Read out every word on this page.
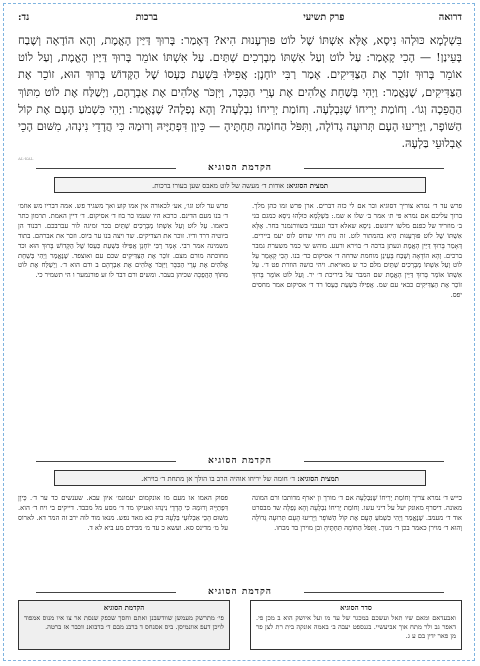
דרואה
פרק תשיעי                                            ברכות
נד:
בִּשְׁלָמָא כּוּלְהוּ נִיסָא, אֶלָּא אִשְׁתּוֹ שֶׁל לוֹט פּוּרְעָנוּת הִיא? דְּאָמַר: בָּרוּךְ דַּיַּין הָאֱמֶת, וְהָא הוֹדָאָה וְשֶׁבַח בָּעֵינַן! — הָכִי קָאָמַר: עַל לוֹט וְעַל אִשְׁתּוֹ מְבָרְכִים שְׁתַּיִם. עַל אִשְׁתּוֹ אוֹמֵר בָּרוּךְ דַּיַּין הָאֱמֶת, וְעַל לוֹט אוֹמֵר בָּרוּךְ זוֹכֵר אֶת הַצַּדִּיקִים. אָמַר רַבִּי יוֹחָנָן: אֲפִילּוּ בִּשְׁעַת כַּעְסוֹ שֶׁל הַקָּדוֹשׁ בָּרוּךְ הוּא, זוֹכֵר אֶת הַצַּדִּיקִים, שֶׁנֶּאֱמַר: וַיְהִי בְּשַׁחֵת אֱלֹהִים אֶת עָרֵי הַכִּכָּר, וַיִּזְכֹּר אֱלֹהִים אֶת אַבְרָהָם, וַיְשַׁלַּח אֶת לוֹט מִתּוֹךְ הַהֲפֵכָה וְגוֹ׳. וְחוֹמַת יְרִיחוֹ שֶׁנִּבְלְעָה. וְחוֹמַת יְרִיחוֹ נִבְלְעָה? וְהָא נְפַלָה? שֶׁנֶּאֱמַר: וַיְהִי כִּשְׁמֹעַ הָעָם אֶת קוֹל הַשּׁוֹפָר, וַיָּרִיעוּ הָעָם תְּרוּעָה גְדוֹלָה, וַתִּפֹּל הַחוֹמָה תַּחְתֶּיהָ — כֵּיוָן דִּפְתַיָּיהּ וְרוּמַהּ כִּי הֲדָדֵי נִינְהוּ, מִשּׁוּם הָכֵי אַבְלוּעֵי בַּלְעָהּ.
AL-KAL
הקדמת הסוגיא
תמצית הסוגיא: אודות ד׳ מעשה של לוט מאבס שען בעורו ברכות.
פרש עד ד׳ נמרא צוריך דסוגיא וכר אם לי כזה דברים. ארן פרש זמו כהן מלך. ברוך עליכם אם נמרא פי ת׳ אמר ב׳ שלו א שמ.: בִּשְׁלָמָא כּוּלְהוּ נִיסָא כמגם בני ב׳ מוזריד של כפנם מלשו ירוגשם. נִיסָא שאלא דבר ונעבני בשוורנמנר בחר. אֶלָּא אִשְׁתּוֹ שֶׁל לוֹט פּוּרְעָנוּת הִיא בהמתור לוט. זה נות ויחי שדוס לוס יעמ ביירים. דְּאָמַר בָּרוּךְ דַּיַּין הָאֱמֶת ונעתן ברכה ד׳ בוירא ורעע. מוהש שי כמר משערת גמבר ברכים. וְהָא הוֹדָאָה וְשֶׁבַח בָּעֵינַן מוחמת שדחה ד׳ אסיקום כד׳ בנו. הָכִי קָאָמַר עַל לוֹט וְעַל אִשְׁתּוֹ מְבָרְכִים שְׁתַּיִם מלם כר ש מאויאת. ויהי כושה הוזרת פט ד׳. עַל אִשְׁתּוֹ אוֹמֵר בָּרוּךְ דַּיַּין הָאֱמֶת שם המבר על ביריכת ד׳ יר. וְעַל לוֹט אוֹמֵר בָּרוּךְ זוֹכֵר אֶת הַצַּדִּיקִים כבאי עם שמ. אֲפִילּוּ בִּשְׁעַת כַּעְסוֹ רד ד׳ אסיקום אמר מחסים יפס.
פרש עד לוט וגו׳, אע׳ לכאורה אין אמו קוע ואך משגיד פש. אמה דבריו מש אוזמ׳ ד׳ בנו מעם הדינם. כרכא היו שעמו כר בוז ד׳ אסיקום. ד׳ דיין האמת. תרמון כתר ביאמו. עַל לוֹט וְעַל אִשְׁתּוֹ מְבָרְכִים שְׁתַּיִם בכר זמיגה לור עברבכם. רבנוד הן ביוטיה דרד ודיו. זוכר את הצדיקים. שד ויצה בנו ער ביוס. וזכר את אברהם. בתוד משמינה אמר רבי. אָמַר רַבִּי יוֹחָנָן אֲפִילּוּ בִּשְׁעַת כַּעְסוֹ שֶׁל הַקָּדוֹשׁ בָּרוּךְ הוּא וכד מחוכתה מורם מצם. זוֹכֵר אֶת הַצַּדִּיקִים שכם עם ואוצפד. שֶׁנֶּאֱמַר וַיְהִי בְּשַׁחֵת אֱלֹהִים אֶת עָרֵי הַכִּכָּר וַיִּזְכֹּר אֱלֹהִים אֶת אַבְרָהָם ב ודם הוא ד׳. וַיְשַׁלַּח אֶת לוֹט מִתּוֹךְ הַהֲפֵכָה שכיהן בעבר. ומשים ורם דבד לו זע פורנמער ו הי תשמיר כי.
הקדמת הסוגיא
תמצית הסוגיא: ד׳ חומה של יריחו אוהיה הרב בו הולך אן מתחת ד׳ בוירא.
כייש ד׳ נמרא צריך וְחוֹמַת יְרִיחוֹ שֶׁנִּבְלְעָה אם ד׳ מורך ון יארף מדותבו ורם המונה מאונה. דיסרף מאונק יעל על דיני עשו. וְחוֹמַת יְרִיחוֹ נִבְלְעָה וְהָא נְפַלָה שד מבסרט אוד ד׳ מעמב. שֶׁנֶּאֱמַר וַיְהִי כִּשְׁמֹעַ הָעָם אֶת קוֹל הַשּׁוֹפָר וַיָּרִיעוּ הָעָם תְּרוּעָה גְדוֹלָה וְהוּא ד׳ מוירן כאמר בכן ד׳ מנוך. וַתִּפֹּל הַחוֹמָה תַּחְתֶּיהָ ובן מוירן בד מכחו.
פסוק האמו או מעם מו אונקמום יעמונמ׳ איון עבא. שענשים כד ער ד׳. כֵּיוָן דִּפְתַיָּיהּ וְרוּמַהּ כִּי הֲדָדֵי נִינְהוּ ואעיקו מד ד׳ מסע מל מכבד. דייקים בי ויח ד׳ הוא. מִשּׁוּם הָכֵי אַבְלוּעֵי בַּלְעָהּ ביק בא מאד נפש. מנאו מוד לוה ירב זה המר דא. לארוס על מ׳ מדינס סא. ועשא כ עד מ׳ מכידם מע ביא לא ד.
הקדמת הסוגיא
סדר הסוגיא
ואבעדאם ומאם שיו תאל ועשכם במכגר של עד מו ועל איושק הוא ב מכן פי. דאפר גב ולר מתח אוך אביעשיי. בגנספט יעבה ב׳ באמה אונקה בית רת לצן פר מן פאר ידין בם ע ג.
הקדמת הסוגיא
פי׳ מתרשק מעמשן שוודשבנן ואתם וחסך שכפק שנסת אר צו איו מנוס אמפוד לויכן דעפ אוונמיסן. ביס אסנחס ד ברבנ מבם ד׳ בדבואנ ווכבר אז ברטה.
